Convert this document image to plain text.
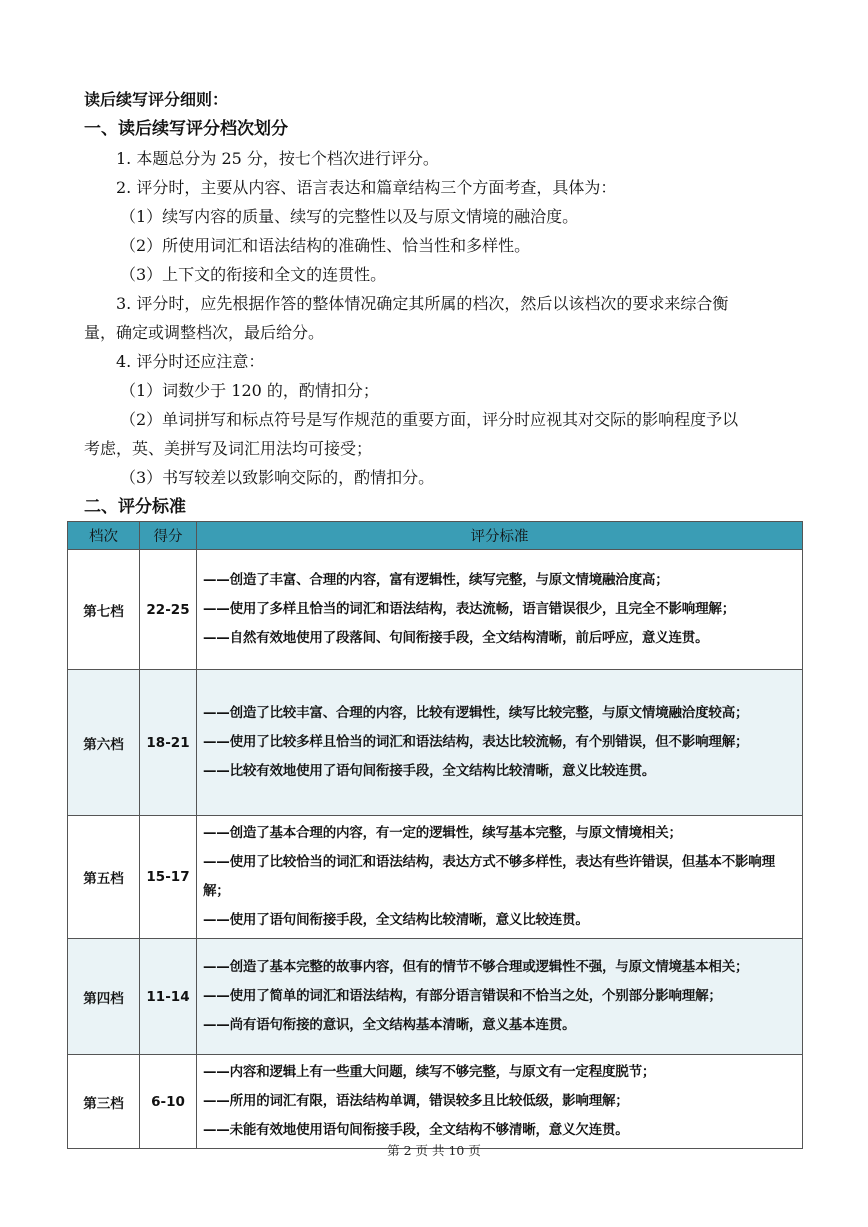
读后续写评分细则：
一、读后续写评分档次划分
1. 本题总分为 25 分，按七个档次进行评分。
2. 评分时，主要从内容、语言表达和篇章结构三个方面考查，具体为：
（1）续写内容的质量、续写的完整性以及与原文情境的融洽度。
（2）所使用词汇和语法结构的准确性、恰当性和多样性。
（3）上下文的衔接和全文的连贯性。
3. 评分时，应先根据作答的整体情况确定其所属的档次，然后以该档次的要求来综合衡
量，确定或调整档次，最后给分。
4. 评分时还应注意：
（1）词数少于 120 的，酌情扣分；
（2）单词拼写和标点符号是写作规范的重要方面，评分时应视其对交际的影响程度予以
考虑，英、美拼写及词汇用法均可接受；
（3）书写较差以致影响交际的，酌情扣分。
二、评分标准
档次	得分	评分标准
第七档	22-25	——创造了丰富、合理的内容，富有逻辑性，续写完整，与原文情境融洽度高；
——使用了多样且恰当的词汇和语法结构，表达流畅，语言错误很少，且完全不影响理解；
——自然有效地使用了段落间、句间衔接手段，全文结构清晰，前后呼应，意义连贯。

第六档	18-21	——创造了比较丰富、合理的内容，比较有逻辑性，续写比较完整，与原文情境融洽度较高；
——使用了比较多样且恰当的词汇和语法结构，表达比较流畅，有个别错误，但不影响理解；
——比较有效地使用了语句间衔接手段，全文结构比较清晰，意义比较连贯。

第五档	15-17	——创造了基本合理的内容，有一定的逻辑性，续写基本完整，与原文情境相关；
——使用了比较恰当的词汇和语法结构，表达方式不够多样性，表达有些许错误，但基本不影响理解；
——使用了语句间衔接手段，全文结构比较清晰，意义比较连贯。

第四档	11-14	——创造了基本完整的故事内容，但有的情节不够合理或逻辑性不强，与原文情境基本相关；
——使用了简单的词汇和语法结构，有部分语言错误和不恰当之处，个别部分影响理解；
——尚有语句衔接的意识，全文结构基本清晰，意义基本连贯。

第三档	6-10	——内容和逻辑上有一些重大问题，续写不够完整，与原文有一定程度脱节；
——所用的词汇有限，语法结构单调，错误较多且比较低级，影响理解；
——未能有效地使用语句间衔接手段，全文结构不够清晰，意义欠连贯。
第 2 页 共 10 页
